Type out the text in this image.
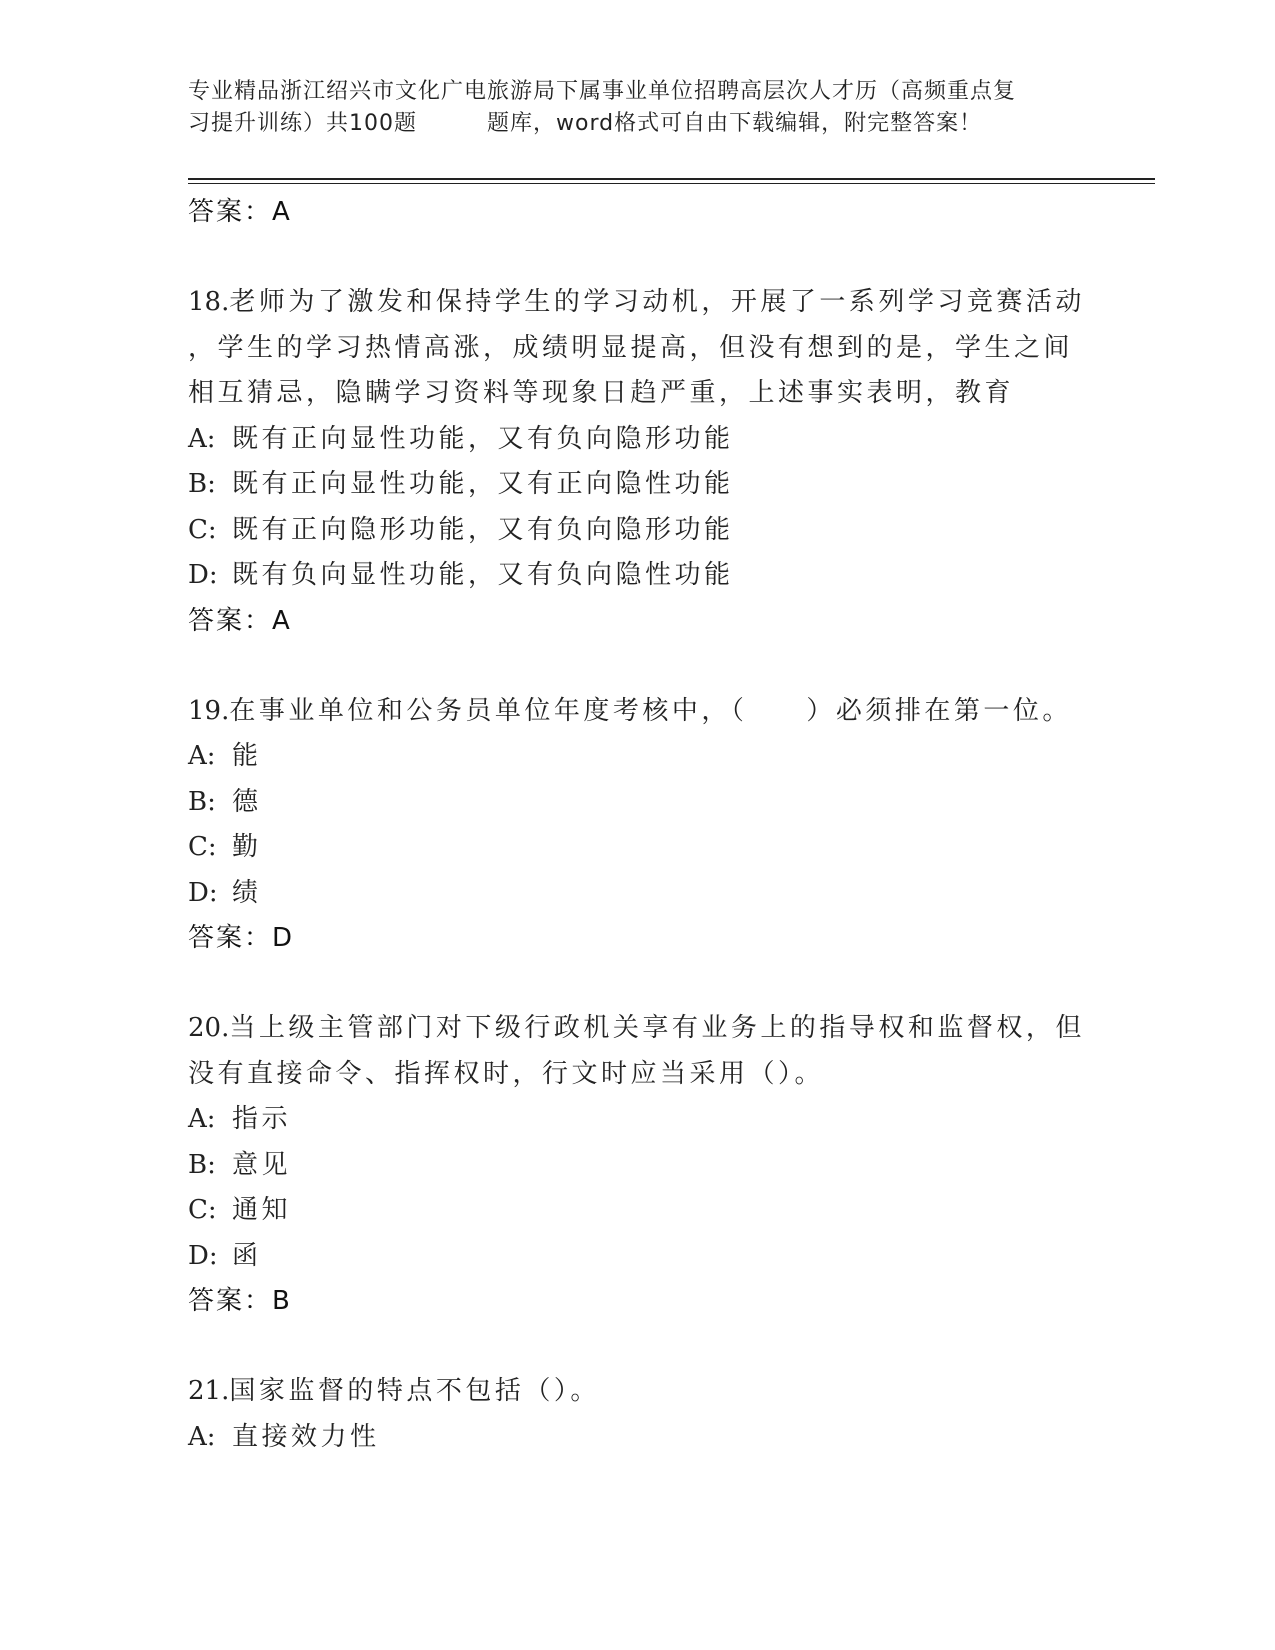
专业精品浙江绍兴市文化广电旅游局下属事业单位招聘高层次人才历（高频重点复
习提升训练）共100题	题库，word格式可自由下载编辑，附完整答案！
答案：A
18.老师为了激发和保持学生的学习动机，开展了一系列学习竞赛活动
，学生的学习热情高涨，成绩明显提高，但没有想到的是，学生之间
相互猜忌，隐瞒学习资料等现象日趋严重，上述事实表明，教育
A: 既有正向显性功能，又有负向隐形功能
B: 既有正向显性功能，又有正向隐性功能
C: 既有正向隐形功能，又有负向隐形功能
D: 既有负向显性功能，又有负向隐性功能
答案：A
19.在事业单位和公务员单位年度考核中，（　　）必须排在第一位。
A: 能
B: 德
C: 勤
D: 绩
答案：D
20.当上级主管部门对下级行政机关享有业务上的指导权和监督权，但
没有直接命令、指挥权时，行文时应当采用（）。
A: 指示
B: 意见
C: 通知
D: 函
答案：B
21.国家监督的特点不包括（）。
A: 直接效力性
